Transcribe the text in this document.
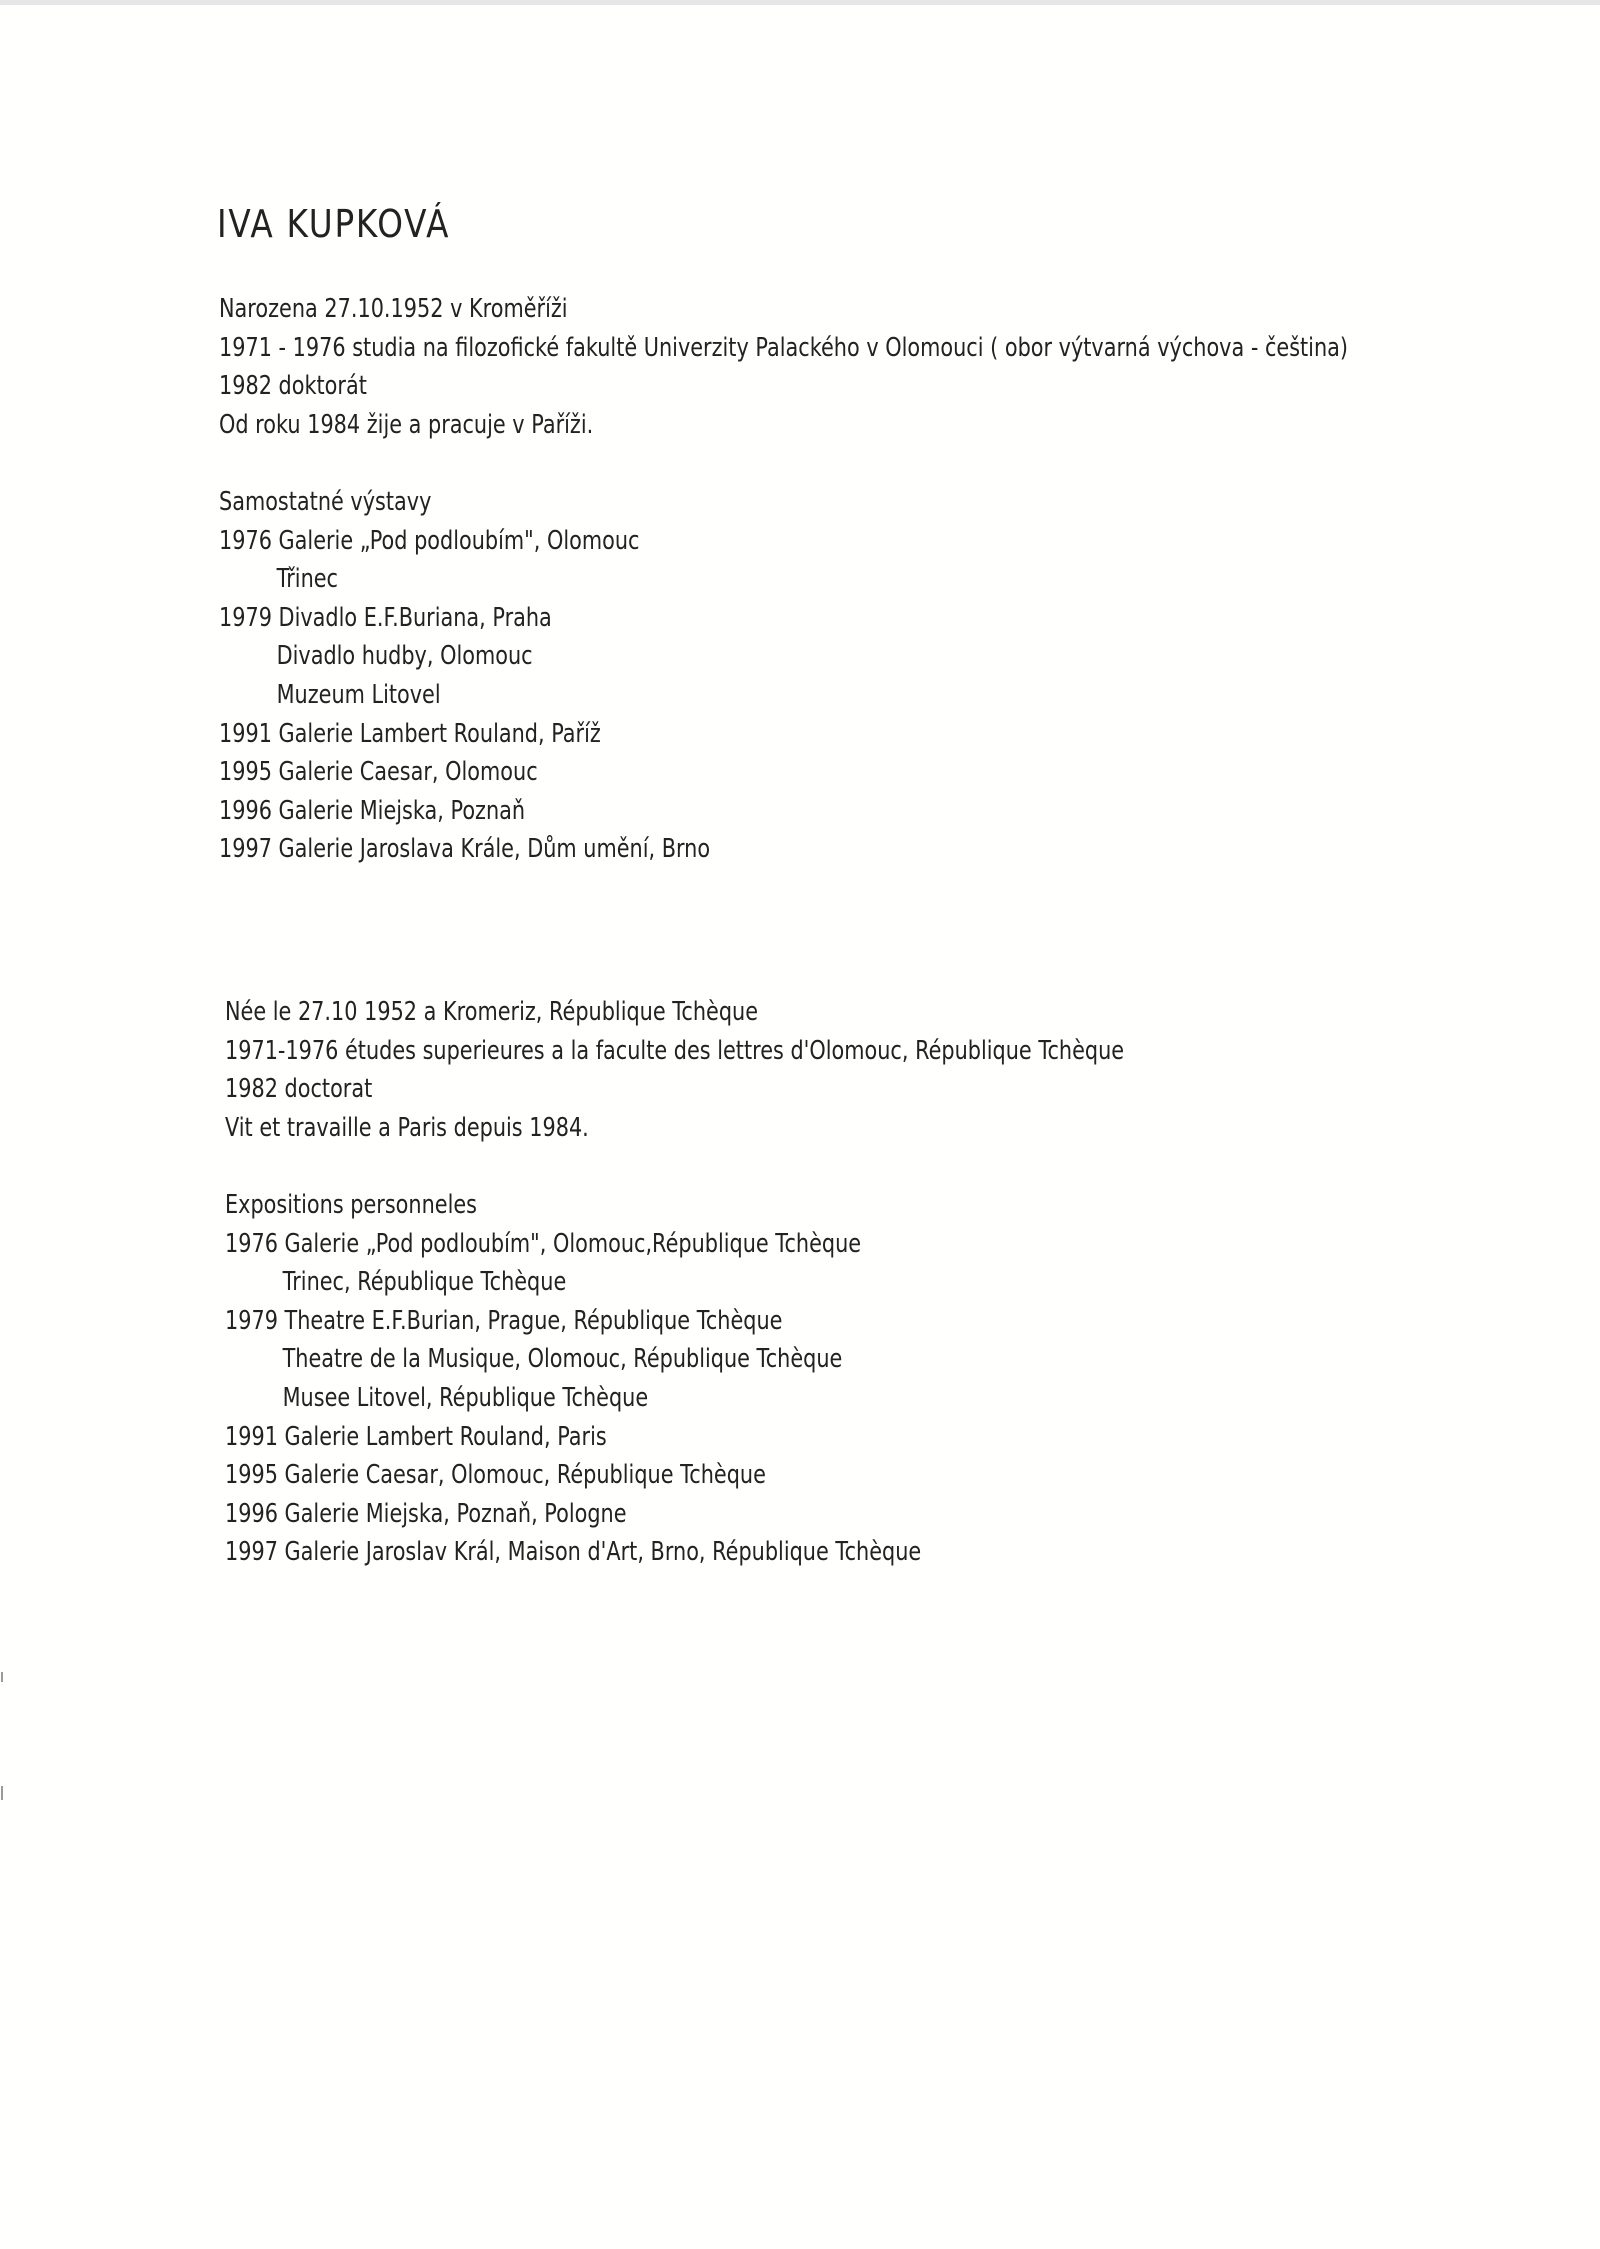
IVA KUPKOVÁ
Narozena 27.10.1952 v Kroměříži
1971 - 1976 studia na filozofické fakultě Univerzity Palackého v Olomouci ( obor výtvarná výchova - čeština)
1982 doktorát
Od roku 1984 žije a pracuje v Paříži.
Samostatné výstavy
1976 Galerie „Pod podloubím", Olomouc
Třinec
1979 Divadlo E.F.Buriana, Praha
Divadlo hudby, Olomouc
Muzeum Litovel
1991 Galerie Lambert Rouland, Paříž
1995 Galerie Caesar, Olomouc
1996 Galerie Miejska, Poznaň
1997 Galerie Jaroslava Krále, Dům umění, Brno
Née le 27.10 1952 a Kromeriz, République Tchèque
1971-1976 études superieures a la faculte des lettres d'Olomouc, République Tchèque
1982 doctorat
Vit et travaille a Paris depuis 1984.
Expositions personneles
1976 Galerie „Pod podloubím", Olomouc,République Tchèque
Trinec, République Tchèque
1979 Theatre E.F.Burian, Prague, République Tchèque
Theatre de la Musique, Olomouc, République Tchèque
Musee Litovel, République Tchèque
1991 Galerie Lambert Rouland, Paris
1995 Galerie Caesar, Olomouc, République Tchèque
1996 Galerie Miejska, Poznaň, Pologne
1997 Galerie Jaroslav Král, Maison d'Art, Brno, République Tchèque
